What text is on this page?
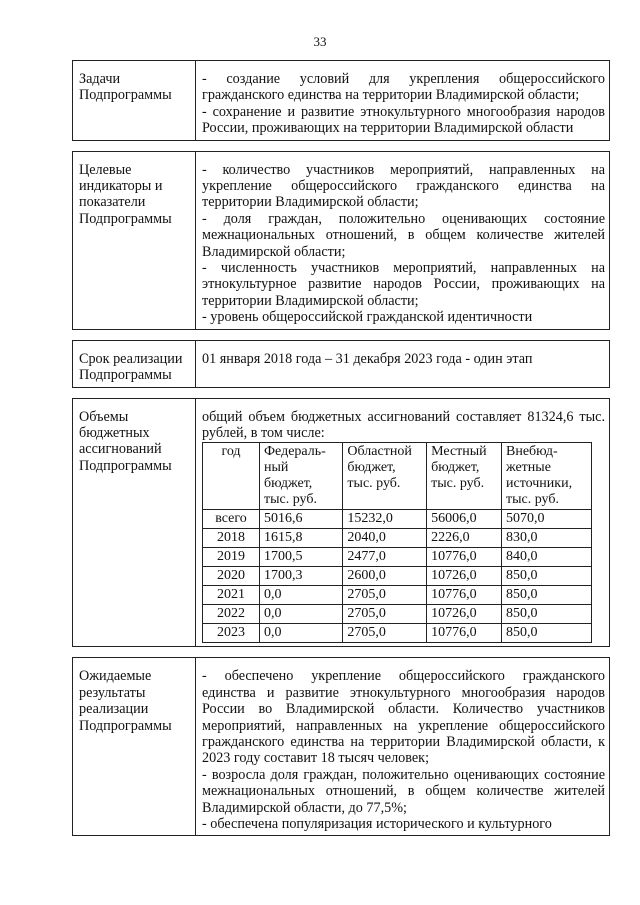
33
Задачи Подпрограммы	

- создание условий для укрепления общероссийского гражданского единства на территории Владимирской области;

- сохранение и развитие этнокультурного многообразия народов России, проживающих на территории Владимирской области

Целевые индикаторы и показатели Подпрограммы	

- количество участников мероприятий, направленных на укрепление общероссийского гражданского единства на территории Владимирской области;

- доля граждан, положительно оценивающих состояние межнациональных отношений, в общем количестве жителей Владимирской области;

- численность участников мероприятий, направленных на этнокультурное развитие народов России, проживающих на территории Владимирской области;

- уровень общероссийской гражданской идентичности

Срок реализации Подпрограммы	

01 января 2018 года – 31 декабря 2023 года - один этап

Объемы бюджетных ассигнований Подпрограммы	

общий объем бюджетных ассигнований составляет 81324,6 тыс. рублей, в том числе:

год	Федераль-ный бюджет, тыс. руб.	Областной бюджет, тыс. руб.	Местный бюджет, тыс. руб.	Внебюд-жетные источники, тыс. руб.
всего	5016,6	15232,0	56006,0	5070,0
2018	1615,8	2040,0	2226,0	830,0
2019	1700,5	2477,0	10776,0	840,0
2020	1700,3	2600,0	10726,0	850,0
2021	0,0	2705,0	10776,0	850,0
2022	0,0	2705,0	10726,0	850,0
2023	0,0	2705,0	10776,0	850,0

Ожидаемые результаты реализации Подпрограммы	

- обеспечено укрепление общероссийского гражданского единства и развитие этнокультурного многообразия народов России во Владимирской области. Количество участников мероприятий, направленных на укрепление общероссийского гражданского единства на территории Владимирской области, к 2023 году составит 18 тысяч человек;

- возросла доля граждан, положительно оценивающих состояние межнациональных отношений, в общем количестве жителей Владимирской области, до 77,5%;

- обеспечена популяризация исторического и культурного
